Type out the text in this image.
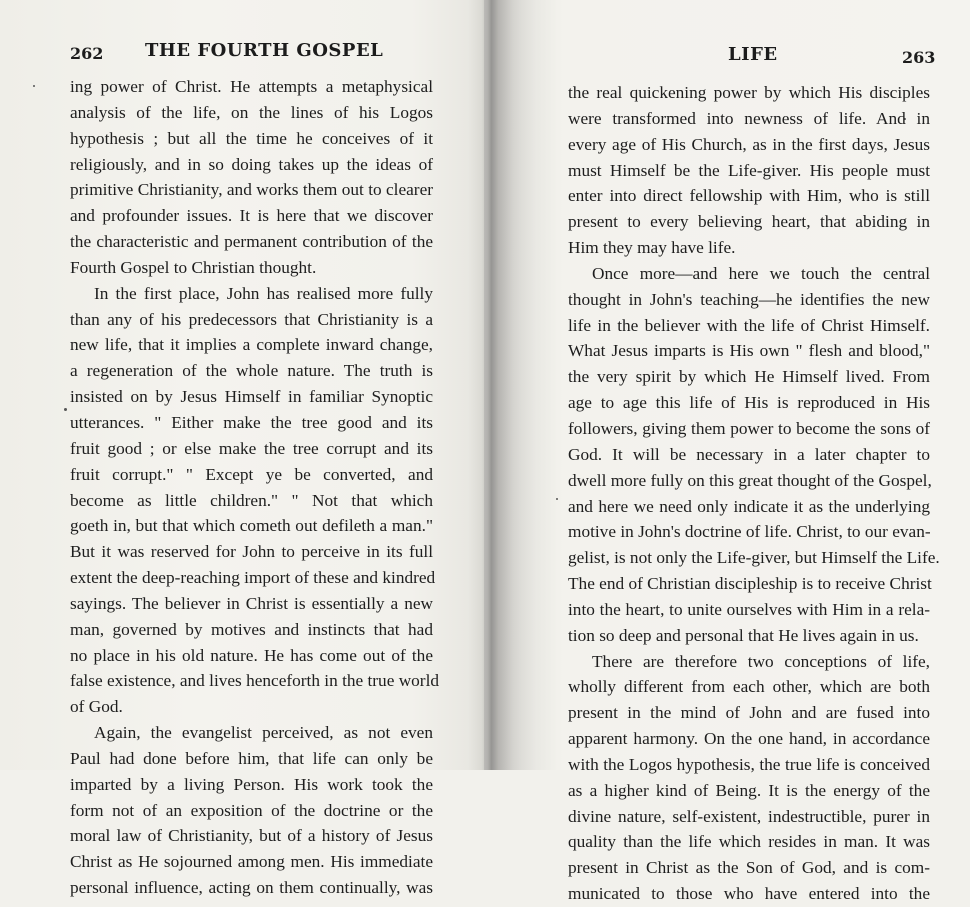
262 THE FOURTH GOSPEL
ing power of Christ. He attempts a metaphysical
analysis of the life, on the lines of his Logos
hypothesis ; but all the time he conceives of it
religiously, and in so doing takes up the ideas of
primitive Christianity, and works them out to clearer
and profounder issues. It is here that we discover
the characteristic and permanent contribution of the
Fourth Gospel to Christian thought.
In the first place, John has realised more fully
than any of his predecessors that Christianity is a
new life, that it implies a complete inward change,
a regeneration of the whole nature. The truth is
insisted on by Jesus Himself in familiar Synoptic
utterances. " Either make the tree good and its
fruit good ; or else make the tree corrupt and its
fruit corrupt." " Except ye be converted, and
become as little children." " Not that which
goeth in, but that which cometh out defileth a man."
But it was reserved for John to perceive in its full
extent the deep-reaching import of these and kindred
sayings. The believer in Christ is essentially a new
man, governed by motives and instincts that had
no place in his old nature. He has come out of the
false existence, and lives henceforth in the true world
of God.
Again, the evangelist perceived, as not even
Paul had done before him, that life can only be
imparted by a living Person. His work took the
form not of an exposition of the doctrine or the
moral law of Christianity, but of a history of Jesus
Christ as He sojourned among men. His immediate
personal influence, acting on them continually, was
LIFE	263
the real quickening power by which His disciples
were transformed into newness of life. And in
every age of His Church, as in the first days, Jesus
must Himself be the Life-giver. His people must
enter into direct fellowship with Him, who is still
present to every believing heart, that abiding in
Him they may have life.
Once more—and here we touch the central
thought in John's teaching—he identifies the new
life in the believer with the life of Christ Himself.
What Jesus imparts is His own " flesh and blood,"
the very spirit by which He Himself lived. From
age to age this life of His is reproduced in His
followers, giving them power to become the sons of
God. It will be necessary in a later chapter to
dwell more fully on this great thought of the Gospel,
and here we need only indicate it as the underlying
motive in John's doctrine of life. Christ, to our evan-
gelist, is not only the Life-giver, but Himself the Life.
The end of Christian discipleship is to receive Christ
into the heart, to unite ourselves with Him in a rela-
tion so deep and personal that He lives again in us.
There are therefore two conceptions of life,
wholly different from each other, which are both
present in the mind of John and are fused into
apparent harmony. On the one hand, in accordance
with the Logos hypothesis, the true life is conceived
as a higher kind of Being. It is the energy of the
divine nature, self-existent, indestructible, purer in
quality than the life which resides in man. It was
present in Christ as the Son of God, and is com-
municated to those who have entered into the
